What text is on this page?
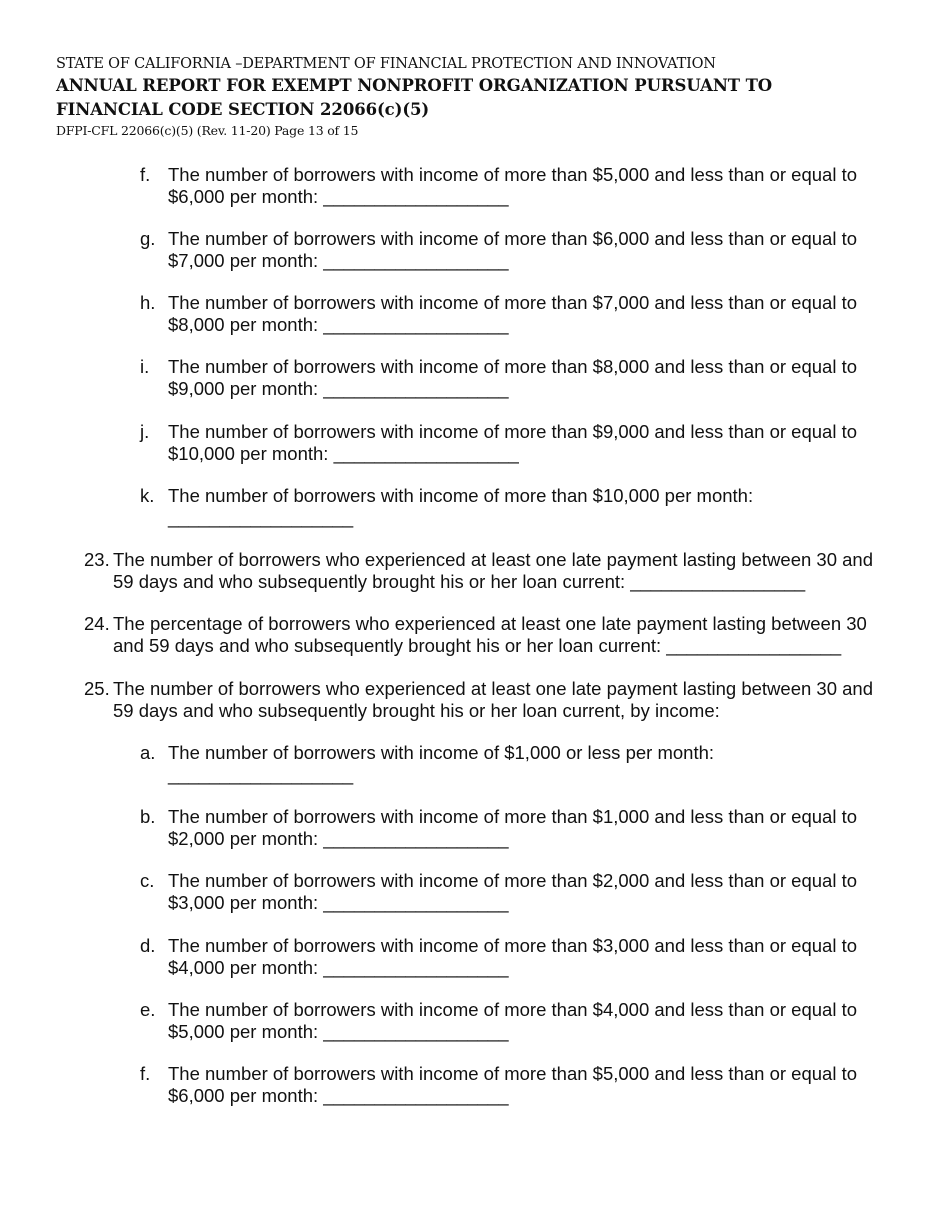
STATE OF CALIFORNIA –DEPARTMENT OF FINANCIAL PROTECTION AND INNOVATION
ANNUAL REPORT FOR EXEMPT NONPROFIT ORGANIZATION PURSUANT TO
FINANCIAL CODE SECTION 22066(c)(5)
DFPI-CFL 22066(c)(5) (Rev. 11-20) Page 13 of 15
f. The number of borrowers with income of more than $5,000 and less than or equal to
$6,000 per month: __________________
g. The number of borrowers with income of more than $6,000 and less than or equal to
$7,000 per month: __________________
h. The number of borrowers with income of more than $7,000 and less than or equal to
$8,000 per month: __________________
i. The number of borrowers with income of more than $8,000 and less than or equal to
$9,000 per month: __________________
j. The number of borrowers with income of more than $9,000 and less than or equal to
$10,000 per month: __________________
k. The number of borrowers with income of more than $10,000 per month:
__________________
23. The number of borrowers who experienced at least one late payment lasting between 30 and
59 days and who subsequently brought his or her loan current: _________________
24. The percentage of borrowers who experienced at least one late payment lasting between 30
and 59 days and who subsequently brought his or her loan current: _________________
25. The number of borrowers who experienced at least one late payment lasting between 30 and
59 days and who subsequently brought his or her loan current, by income:
a. The number of borrowers with income of $1,000 or less per month:
__________________
b. The number of borrowers with income of more than $1,000 and less than or equal to
$2,000 per month: __________________
c. The number of borrowers with income of more than $2,000 and less than or equal to
$3,000 per month: __________________
d. The number of borrowers with income of more than $3,000 and less than or equal to
$4,000 per month: __________________
e. The number of borrowers with income of more than $4,000 and less than or equal to
$5,000 per month: __________________
f. The number of borrowers with income of more than $5,000 and less than or equal to
$6,000 per month: __________________
